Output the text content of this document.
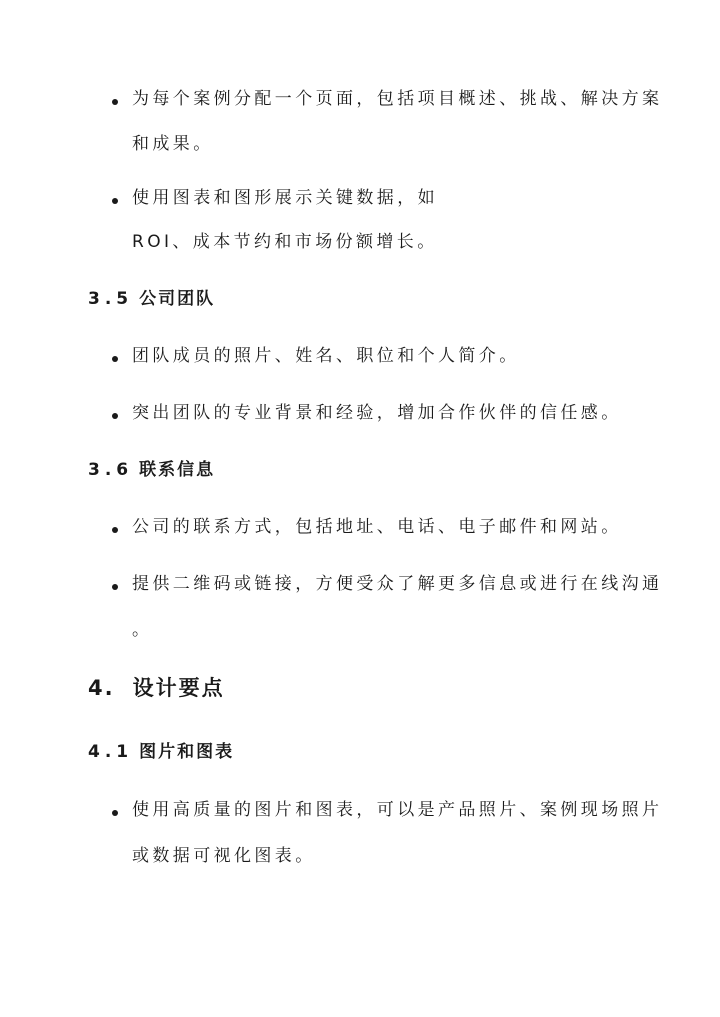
为每个案例分配一个页面，包括项目概述、挑战、解决方案
和成果。
使用图表和图形展示关键数据，如
ROI、成本节约和市场份额增长。
3.5 公司团队
团队成员的照片、姓名、职位和个人简介。
突出团队的专业背景和经验，增加合作伙伴的信任感。
3.6 联系信息
公司的联系方式，包括地址、电话、电子邮件和网站。
提供二维码或链接，方便受众了解更多信息或进行在线沟通
。
4. 设计要点
4.1 图片和图表
使用高质量的图片和图表，可以是产品照片、案例现场照片
或数据可视化图表。
